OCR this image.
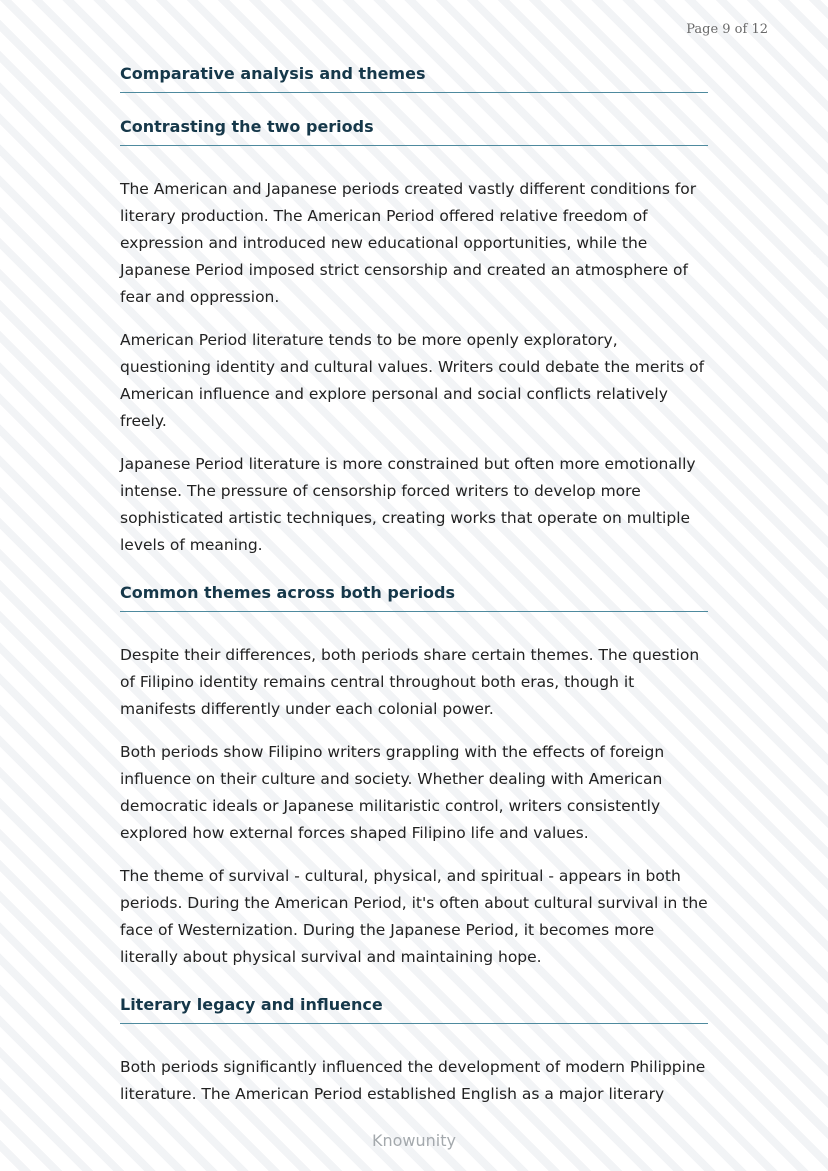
Page 9 of 12
Comparative analysis and themes
Contrasting the two periods

The American and Japanese periods created vastly different conditions for literary production. The American Period offered relative freedom of expression and introduced new educational opportunities, while the Japanese Period imposed strict censorship and created an atmosphere of fear and oppression.

American Period literature tends to be more openly exploratory, questioning identity and cultural values. Writers could debate the merits of American influence and explore personal and social conflicts relatively freely.

Japanese Period literature is more constrained but often more emotionally intense. The pressure of censorship forced writers to develop more sophisticated artistic techniques, creating works that operate on multiple levels of meaning.

Common themes across both periods

Despite their differences, both periods share certain themes. The question of Filipino identity remains central throughout both eras, though it manifests differently under each colonial power.

Both periods show Filipino writers grappling with the effects of foreign influence on their culture and society. Whether dealing with American democratic ideals or Japanese militaristic control, writers consistently explored how external forces shaped Filipino life and values.

The theme of survival - cultural, physical, and spiritual - appears in both periods. During the American Period, it's often about cultural survival in the face of Westernization. During the Japanese Period, it becomes more literally about physical survival and maintaining hope.

Literary legacy and influence

Both periods significantly influenced the development of modern Philippine literature. The American Period established English as a major literary

Knowunity
